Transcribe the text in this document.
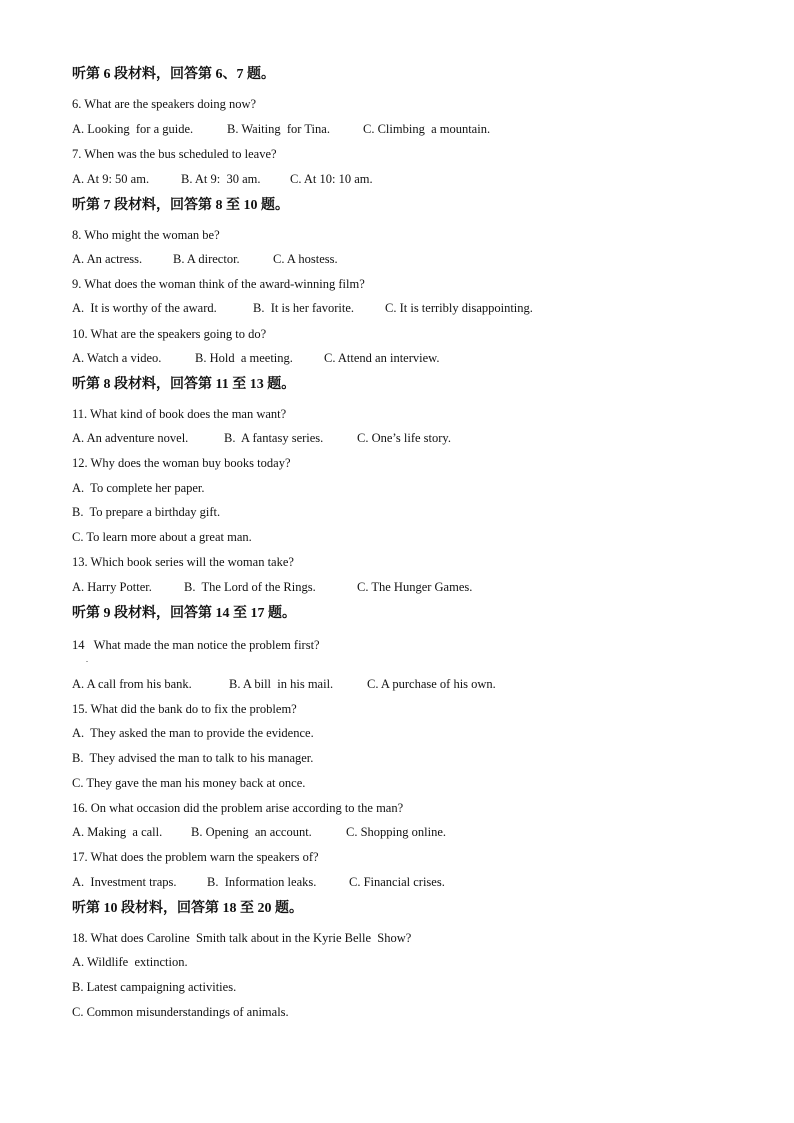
听第 6 段材料，回答第 6、7 题。
6. What are the speakers doing now?
A. Looking  for a guide.	B. Waiting  for Tina.	C. Climbing  a mountain.
7. When was the bus scheduled to leave?
A. At 9: 50 am.	B. At 9:  30 am. C. At 10: 10 am.
听第 7 段材料，回答第 8 至 10 题。
8. Who might the woman be?
A. An actress. B. A director.	C. A hostess.
9. What does the woman think of the award-winning film?
A.  It is worthy of the award.	B.  It is her favorite. C. It is terribly disappointing.
10. What are the speakers going to do?
A. Watch a video.	B. Hold  a meeting. C. Attend an interview.
听第 8 段材料，回答第 11 至 13 题。
11. What kind of book does the man want?
A. An adventure novel.	B.  A fantasy series.	C. One’s life story.
12. Why does the woman buy books today?
A.  To complete her paper.
B.  To prepare a birthday gift.
C. To learn more about a great man.
13. Which book series will the woman take?
A. Harry Potter.	B.  The Lord of the Rings.	C. The Hunger Games.
听第 9 段材料，回答第 14 至 17 题。
14   What made the man notice the problem first?
.
A. A call from his bank.	B. A bill  in his mail.	C. A purchase of his own.
15. What did the bank do to fix the problem?
A.  They asked the man to provide the evidence.
B.  They advised the man to talk to his manager.
C. They gave the man his money back at once.
16. On what occasion did the problem arise according to the man?
A. Making  a call. B. Opening  an account.	C. Shopping online.
17. What does the problem warn the speakers of?
A.  Investment traps. B.  Information leaks.	C. Financial crises.
听第 10 段材料，回答第 18 至 20 题。
18. What does Caroline  Smith talk about in the Kyrie Belle  Show?
A. Wildlife  extinction.
B. Latest campaigning activities.
C. Common misunderstandings of animals.
